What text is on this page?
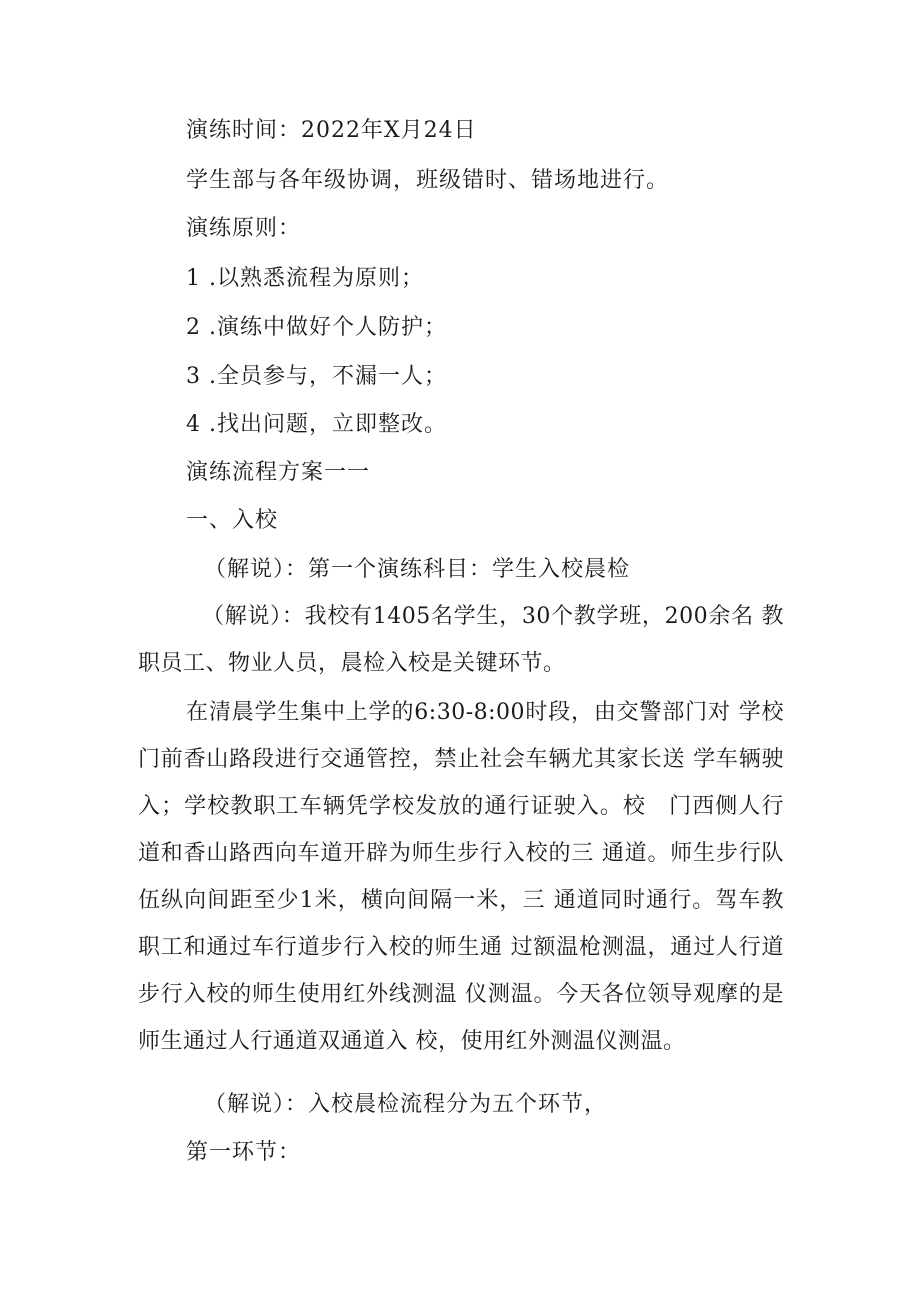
演练时间：2022年X月24日
学生部与各年级协调，班级错时、错场地进行。
演练原则：
1 .以熟悉流程为原则；
2 .演练中做好个人防护；
3 .全员参与，不漏一人；
4 .找出问题，立即整改。
演练流程方案一一
一、入校
（解说）：第一个演练科目：学生入校晨检
（解说）：我校有1405名学生，30个教学班，200余名 教职员工、物业人员，晨检入校是关键环节。
在清晨学生集中上学的6:30-8:00时段，由交警部门对 学校门前香山路段进行交通管控，禁止社会车辆尤其家长送 学车辆驶入；学校教职工车辆凭学校发放的通行证驶入。校　门西侧人行道和香山路西向车道开辟为师生步行入校的三 通道。师生步行队伍纵向间距至少1米，横向间隔一米，三 通道同时通行。驾车教职工和通过车行道步行入校的师生通 过额温枪测温，通过人行道步行入校的师生使用红外线测温 仪测温。今天各位领导观摩的是师生通过人行通道双通道入 校，使用红外测温仪测温。
（解说）：入校晨检流程分为五个环节，
第一环节：
